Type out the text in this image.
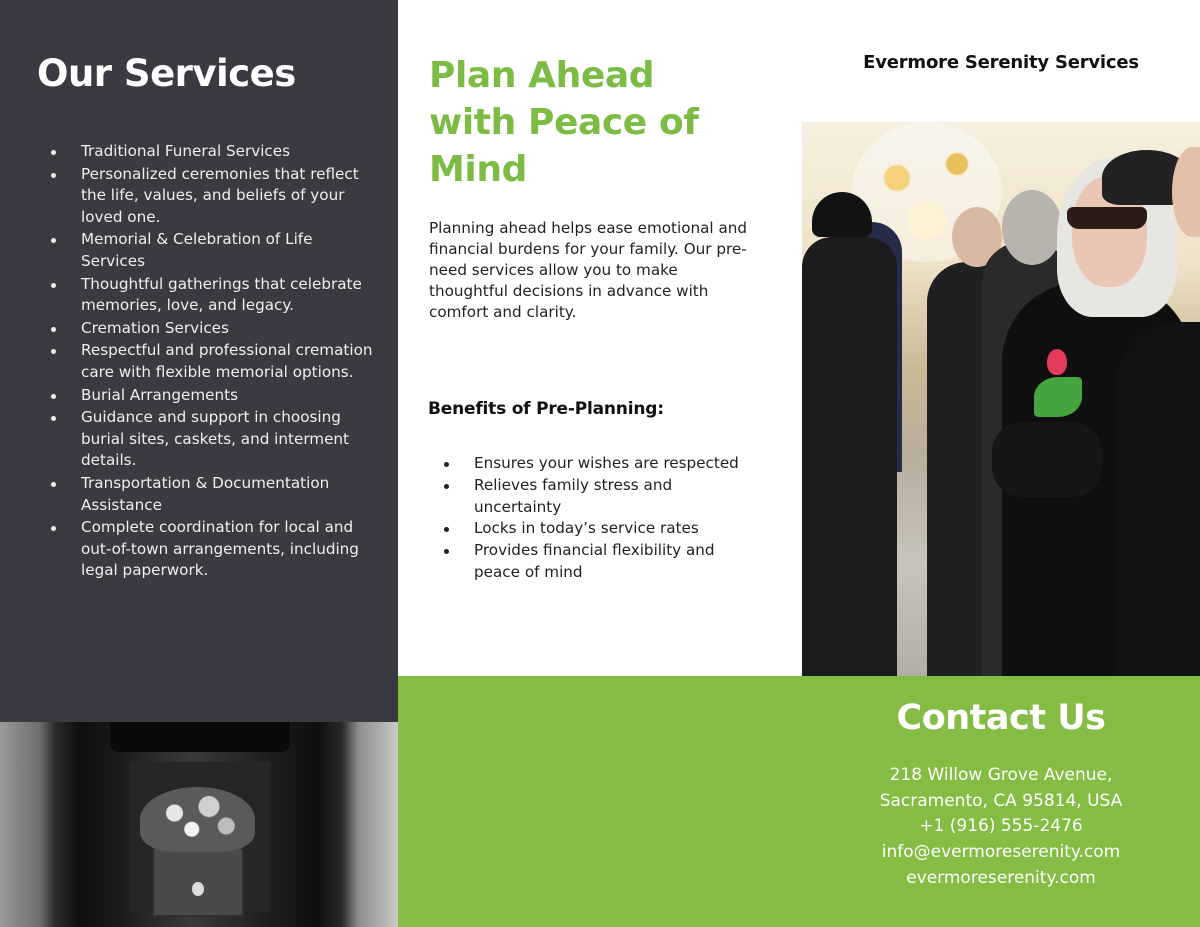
Our Services
Traditional Funeral Services
Personalized ceremonies that reflect the life, values, and beliefs of your loved one.
Memorial & Celebration of Life Services
Thoughtful gatherings that celebrate memories, love, and legacy.
Cremation Services
Respectful and professional cremation care with flexible memorial options.
Burial Arrangements
Guidance and support in choosing burial sites, caskets, and interment details.
Transportation & Documentation Assistance
Complete coordination for local and out-of-town arrangements, including legal paperwork.
Plan Ahead with Peace of Mind

Planning ahead helps ease emotional and financial burdens for your family. Our pre-need services allow you to make thoughtful decisions in advance with comfort and clarity.

Benefits of Pre-Planning:
Ensures your wishes are respected
Relieves family stress and uncertainty
Locks in today’s service rates
Provides financial flexibility and peace of mind
Evermore Serenity Services
Contact Us
218 Willow Grove Avenue,
Sacramento, CA 95814, USA
+1 (916) 555-2476
info@evermoreserenity.com
evermoreserenity.com
